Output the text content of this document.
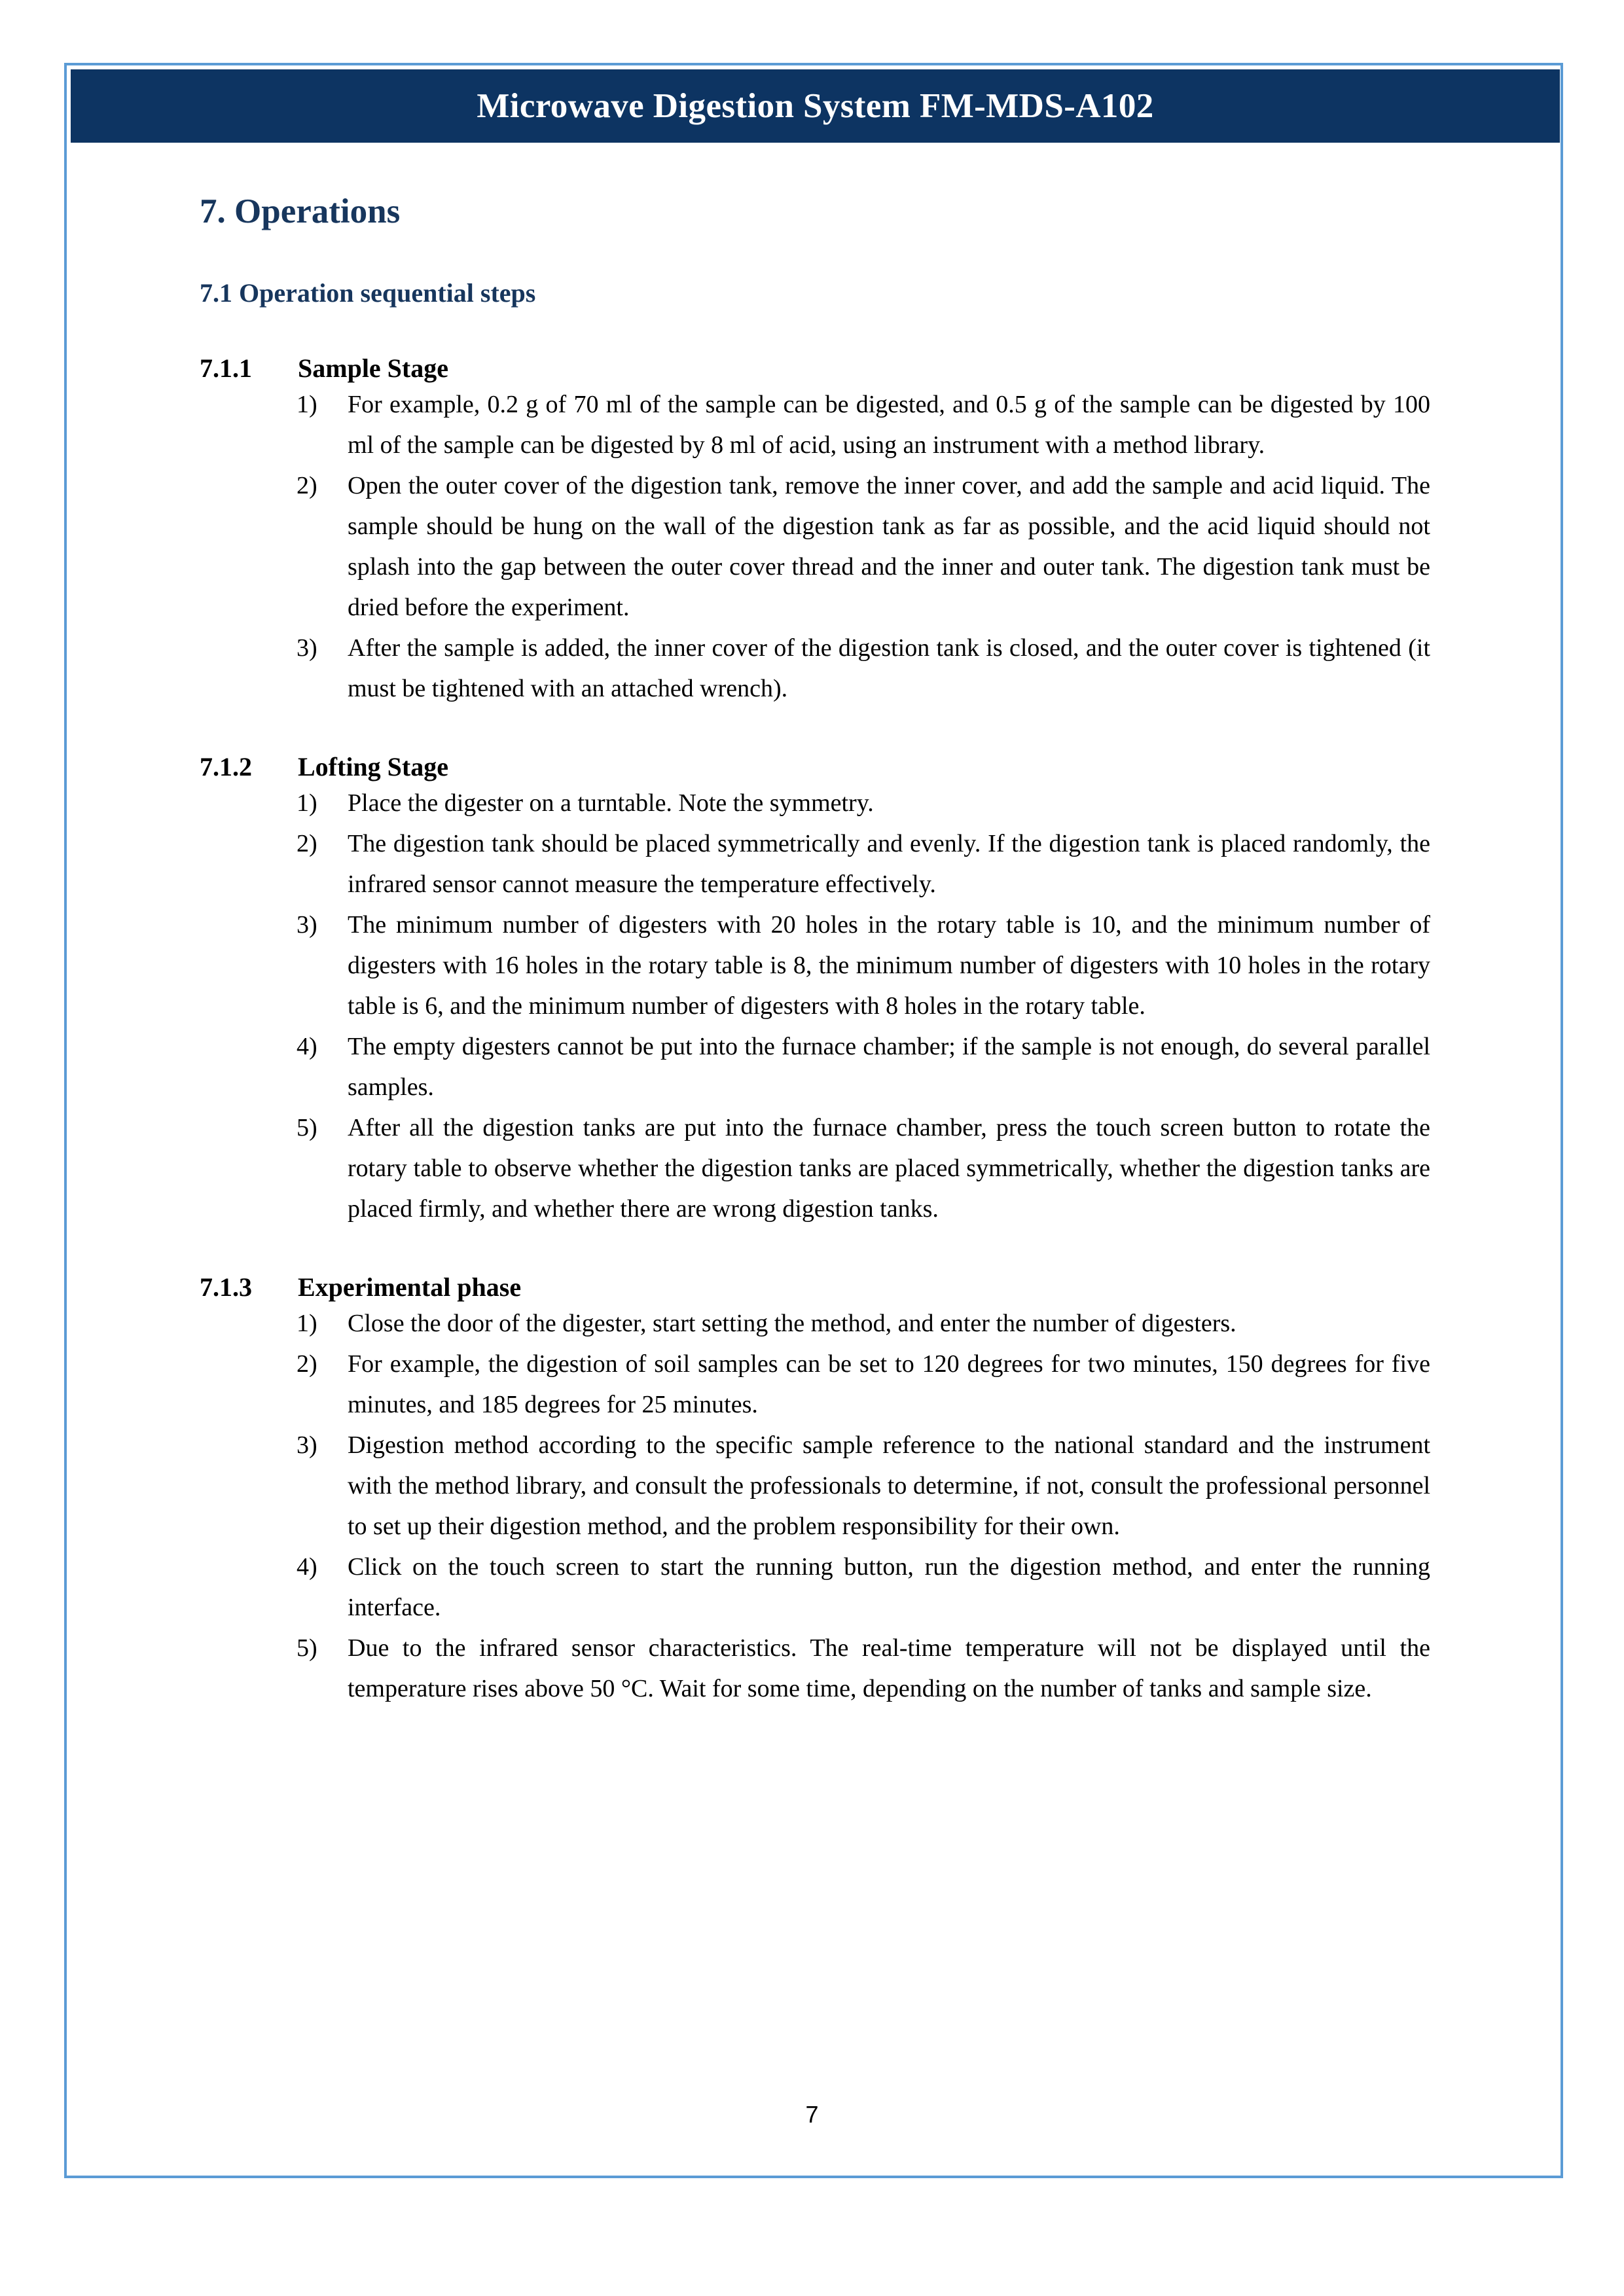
Microwave Digestion System FM-MDS-A102
7. Operations
7.1 Operation sequential steps
7.1.1 Sample Stage
1)	For example, 0.2 g of 70 ml of the sample can be digested, and 0.5 g of the sample can be digested by 100 ml of the sample can be digested by 8 ml of acid, using an instrument with a method library.
2)	Open the outer cover of the digestion tank, remove the inner cover, and add the sample and acid liquid. The sample should be hung on the wall of the digestion tank as far as possible, and the acid liquid should not splash into the gap between the outer cover thread and the inner and outer tank. The digestion tank must be dried before the experiment.
3)	After the sample is added, the inner cover of the digestion tank is closed, and the outer cover is tightened (it must be tightened with an attached wrench).
7.1.2 Lofting Stage
1)	Place the digester on a turntable. Note the symmetry.
2)	The digestion tank should be placed symmetrically and evenly. If the digestion tank is placed randomly, the infrared sensor cannot measure the temperature effectively.
3)	The minimum number of digesters with 20 holes in the rotary table is 10, and the minimum number of digesters with 16 holes in the rotary table is 8, the minimum number of digesters with 10 holes in the rotary table is 6, and the minimum number of digesters with 8 holes in the rotary table.
4)	The empty digesters cannot be put into the furnace chamber; if the sample is not enough, do several parallel samples.
5)	After all the digestion tanks are put into the furnace chamber, press the touch screen button to rotate the rotary table to observe whether the digestion tanks are placed symmetrically, whether the digestion tanks are placed firmly, and whether there are wrong digestion tanks.
7.1.3 Experimental phase
1)	Close the door of the digester, start setting the method, and enter the number of digesters.
2)	For example, the digestion of soil samples can be set to 120 degrees for two minutes, 150 degrees for five minutes, and 185 degrees for 25 minutes.
3)	Digestion method according to the specific sample reference to the national standard and the instrument with the method library, and consult the professionals to determine, if not, consult the professional personnel to set up their digestion method, and the problem responsibility for their own.
4)	Click on the touch screen to start the running button, run the digestion method, and enter the running interface.
5)	Due to the infrared sensor characteristics. The real-time temperature will not be displayed until the temperature rises above 50 °C. Wait for some time, depending on the number of tanks and sample size.
7
